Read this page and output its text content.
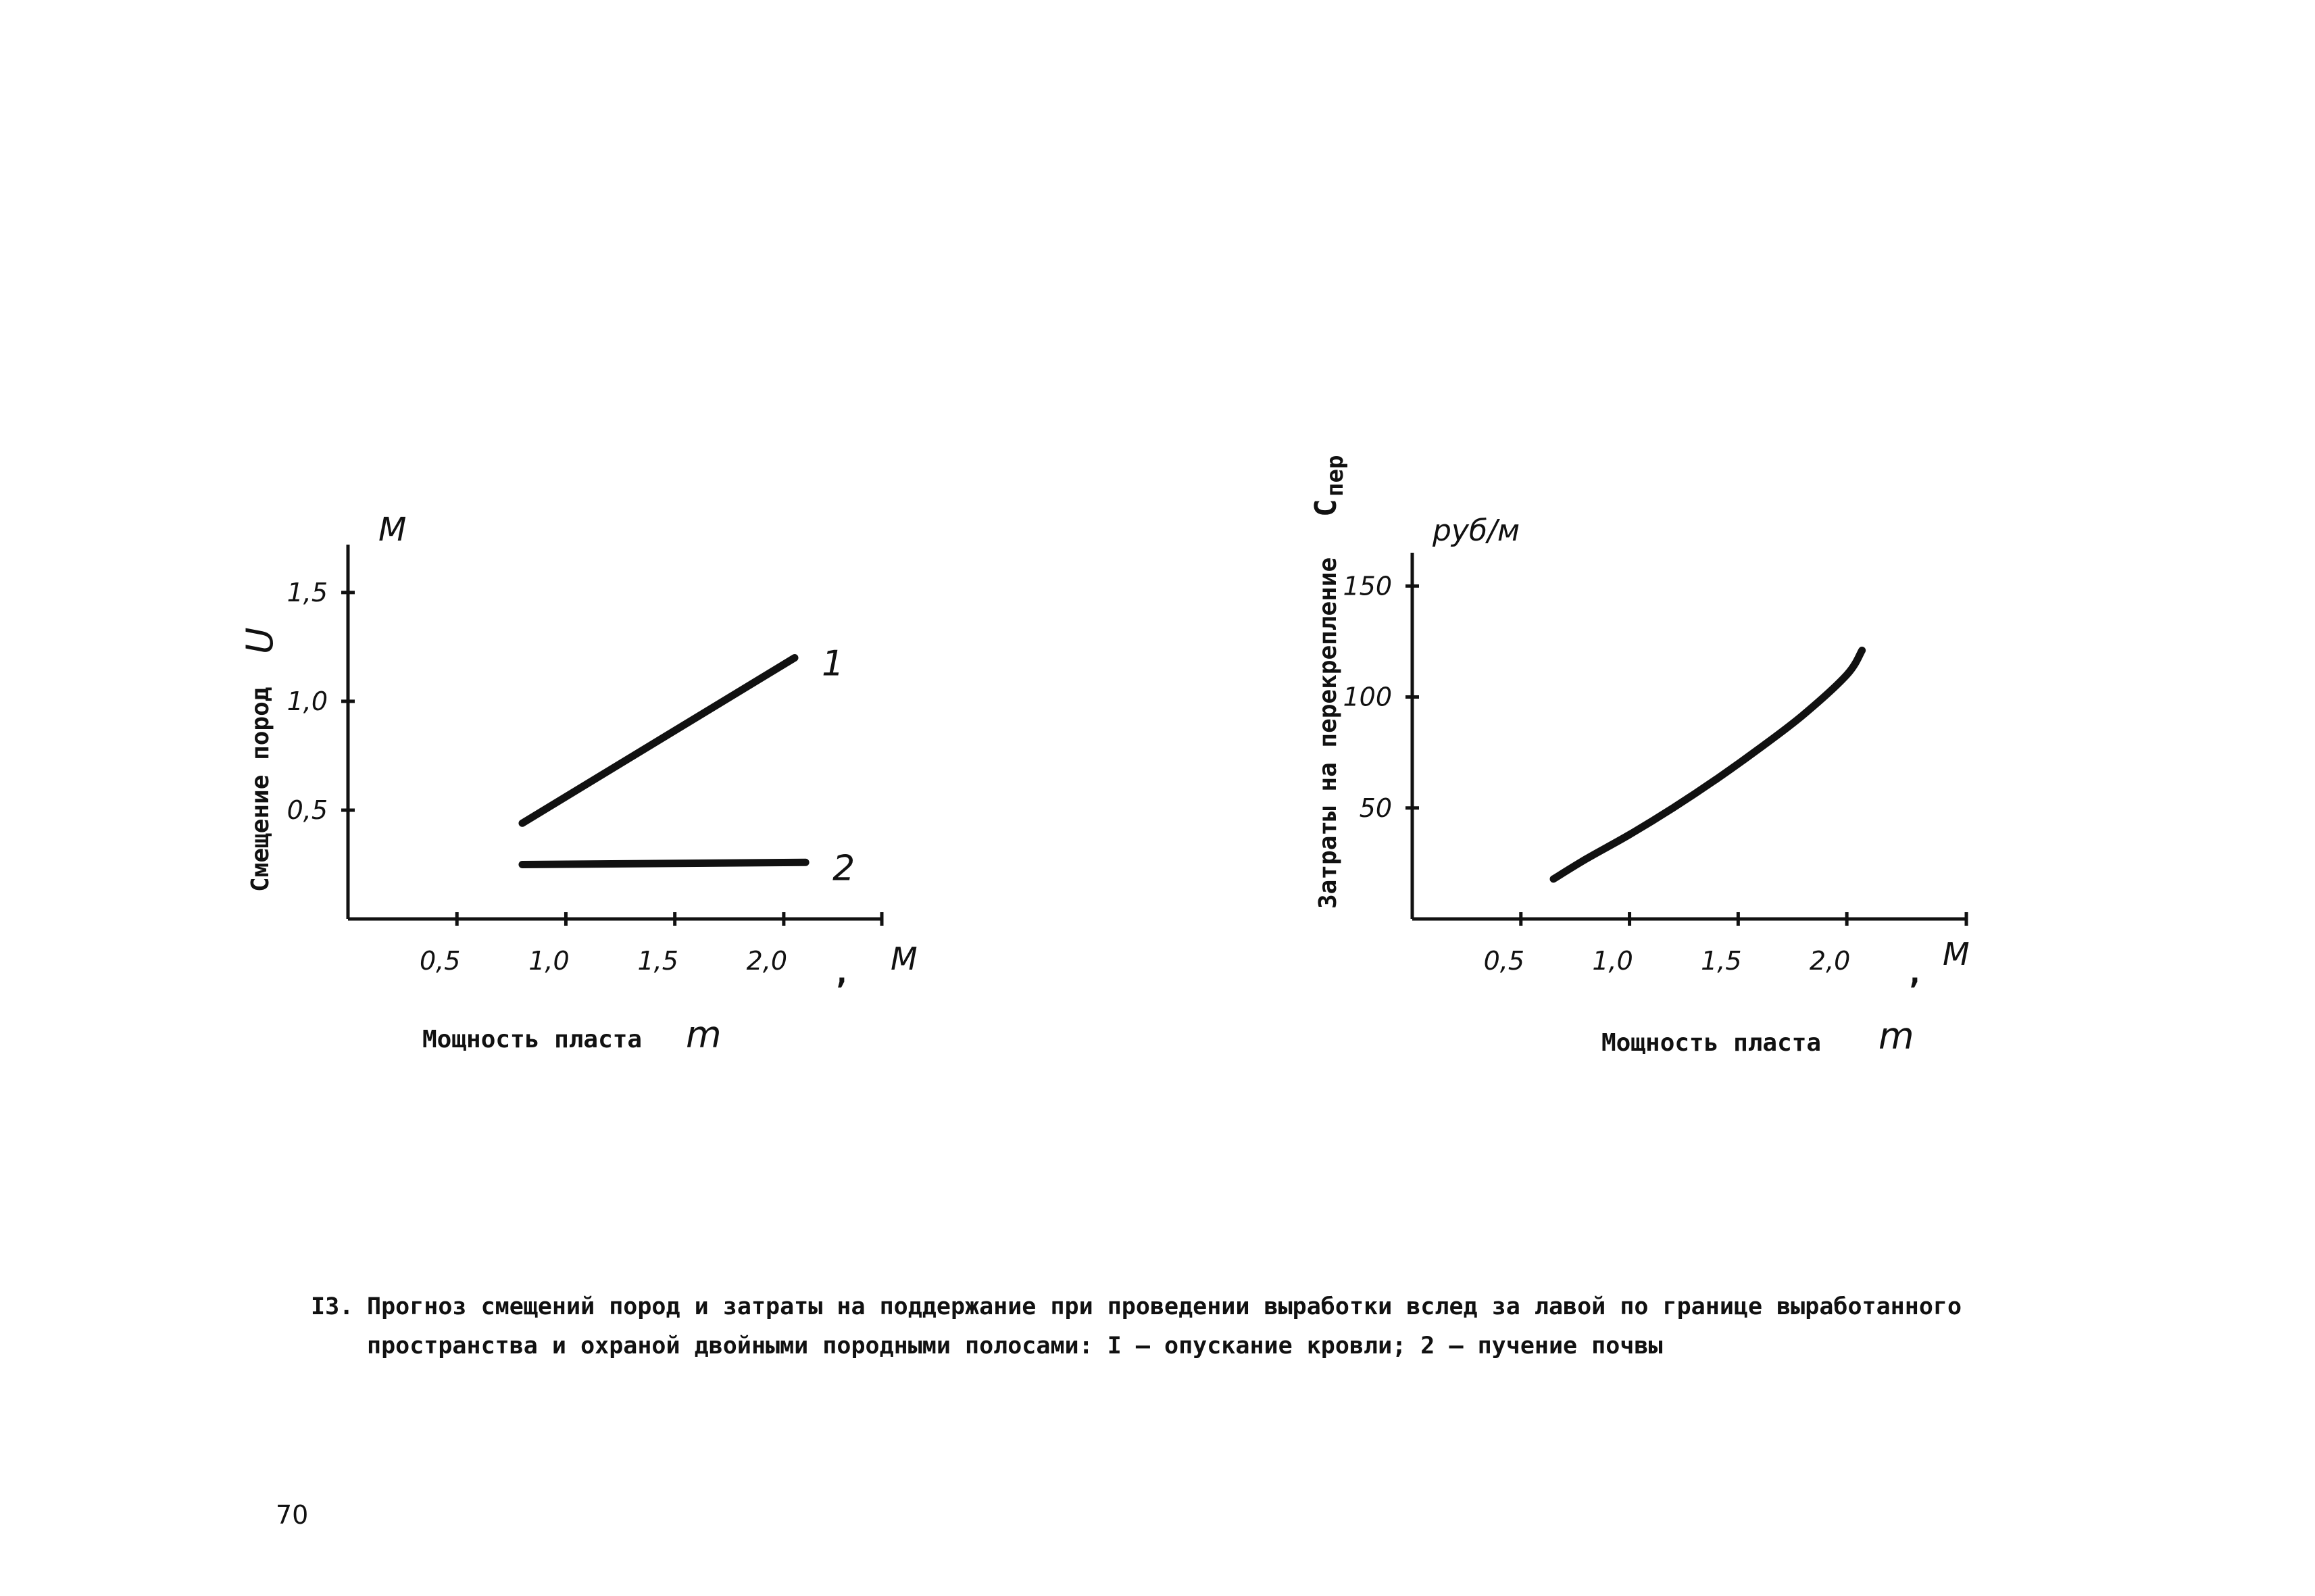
0,5
1,0
1,5
0,5	1,0	1,5	2,0
1
2
М
М
,
Мощность пласта m
Смещение пород
U
50
100
150
0,5	1,0	1,5	2,0
руб/м
М
,
Мощность пласта m
Затраты на перекрепление
C
пер
I3. Прогноз смещений пород и затраты на поддержание при проведении выработки вслед за лавой по границе выработанного
пространства и охраной двойными породными полосами: I – опускание кровли; 2 – пучение почвы
70
